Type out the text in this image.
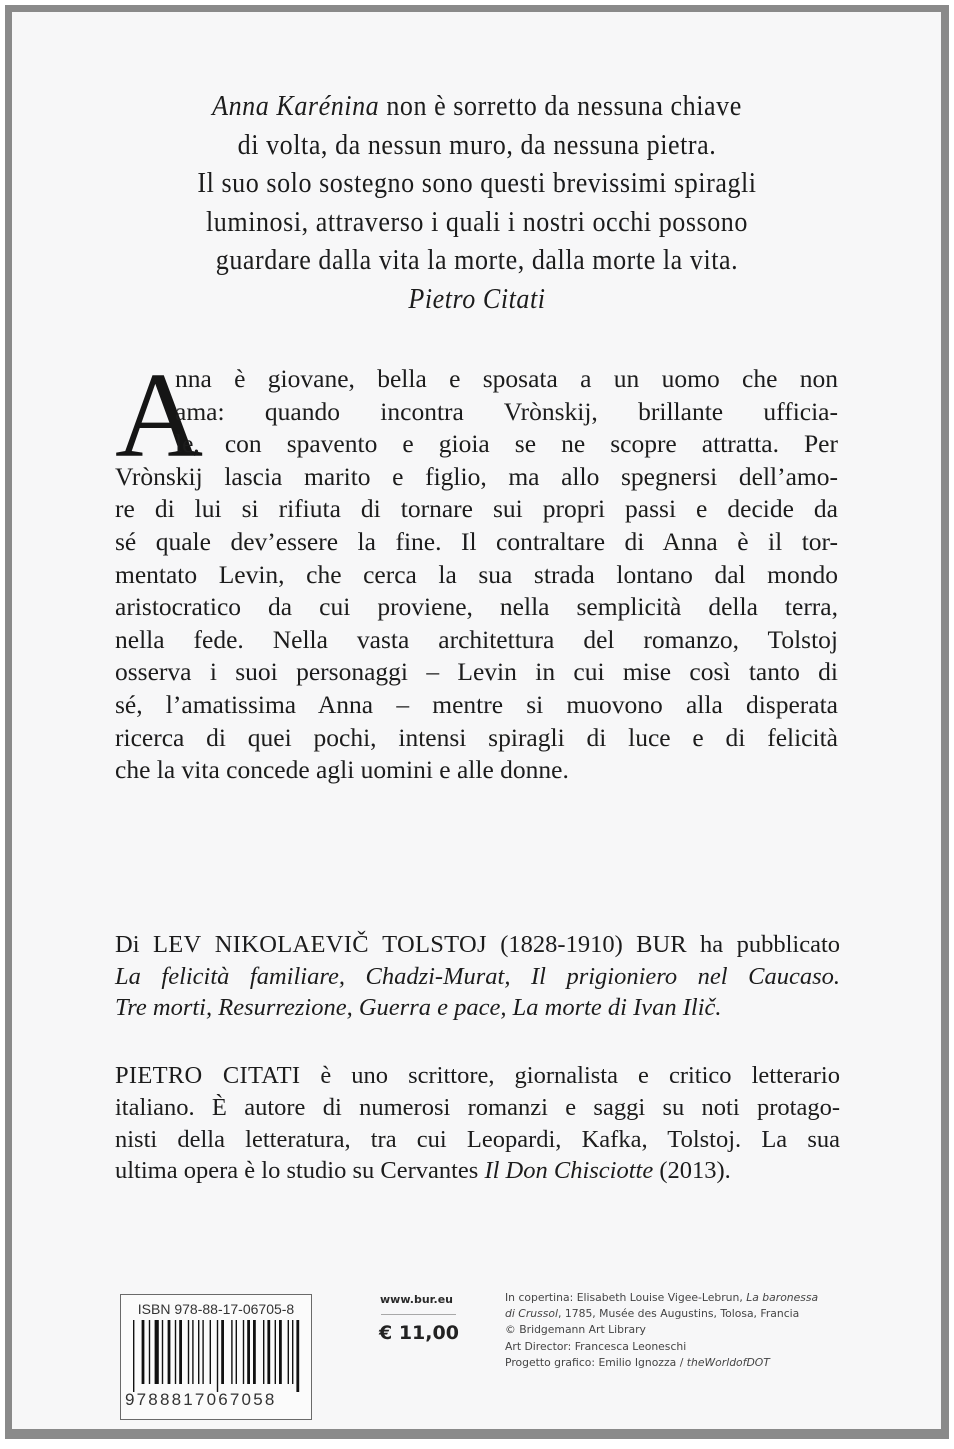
Anna Karénina non è sorretto da nessuna chiave
di volta, da nessun muro, da nessuna pietra.
Il suo solo sostegno sono questi brevissimi spiragli
luminosi, attraverso i quali i nostri occhi possono
guardare dalla vita la morte, dalla morte la vita.
Pietro Citati
A
nna è giovane, bella e sposata a un uomo che non
ama: quando incontra Vrònskij, brillante ufficia-
le, con spavento e gioia se ne scopre attratta. Per
Vrònskij lascia marito e figlio, ma allo spegnersi dell’amo-
re di lui si rifiuta di tornare sui propri passi e decide da
sé quale dev’essere la fine. Il contraltare di Anna è il tor-
mentato Levin, che cerca la sua strada lontano dal mondo
aristocratico da cui proviene, nella semplicità della terra,
nella fede. Nella vasta architettura del romanzo, Tolstoj
osserva i suoi personaggi – Levin in cui mise così tanto di
sé, l’amatissima Anna – mentre si muovono alla disperata
ricerca di quei pochi, intensi spiragli di luce e di felicità
che la vita concede agli uomini e alle donne.
Di LEV NIKOLAEVIČ TOLSTOJ (1828-1910) BUR ha pubblicato
La felicità familiare, Chadzi-Murat, Il prigioniero nel Caucaso.
Tre morti, Resurrezione, Guerra e pace, La morte di Ivan Ilič.
PIETRO CITATI è uno scrittore, giornalista e critico letterario
italiano. È autore di numerosi romanzi e saggi su noti protago-
nisti della letteratura, tra cui Leopardi, Kafka, Tolstoj. La sua
ultima opera è lo studio su Cervantes Il Don Chisciotte (2013).
ISBN 978-88-17-06705-8
9788817067058
www.bur.eu
€ 11,00
In copertina: Elisabeth Louise Vigee-Lebrun, La baronessa
di Crussol, 1785, Musée des Augustins, Tolosa, Francia
© Bridgemann Art Library
Art Director: Francesca Leoneschi
Progetto grafico: Emilio Ignozza / theWorldofDOT
